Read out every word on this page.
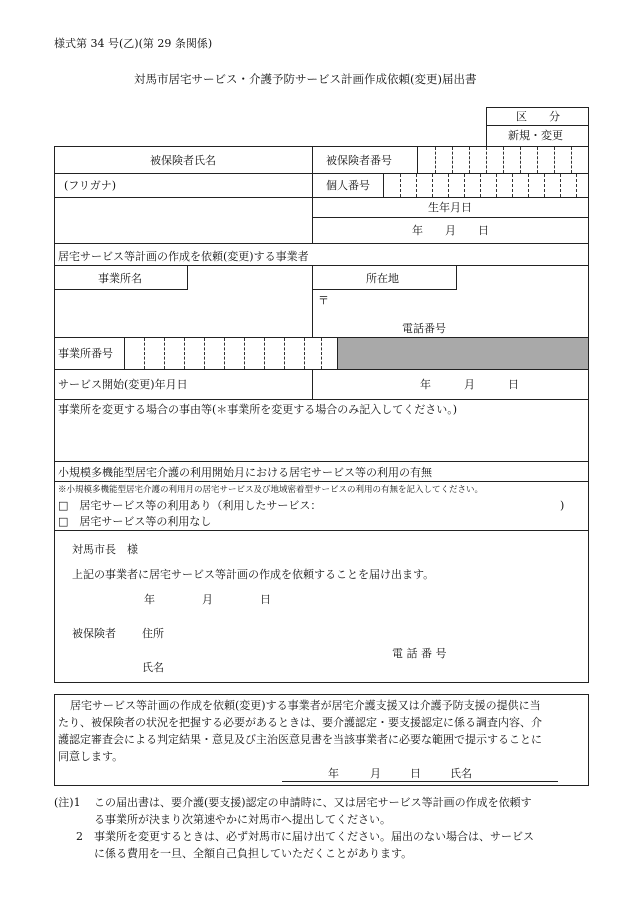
様式第 34 号(乙)(第 29 条関係)
対馬市居宅サービス・介護予防サービス計画作成依頼(変更)届出書
区　　分
新規・変更
被保険者氏名	被保険者番号
(フリガナ)	個人番号
生年月日
年　　月　　日
居宅サービス等計画の作成を依頼(変更)する事業者
事業所名	所在地
〒
電話番号
事業所番号
サービス開始(変更)年月日	年　　　月　　　日
事業所を変更する場合の事由等(＊事業所を変更する場合のみ記入してください。)
小規模多機能型居宅介護の利用開始月における居宅サービス等の利用の有無
※小規模多機能型居宅介護の利用月の居宅サービス及び地域密着型サービスの利用の有無を記入してください。
□　居宅サービス等の利用あり（利用したサービス：	)
□　居宅サービス等の利用なし
対馬市長　様
上記の事業者に居宅サービス等計画の作成を依頼することを届け出ます。
年	月	日
被保険者 住所
電 話 番 号
氏名
居宅サービス等計画の作成を依頼(変更)する事業者が居宅介護支援又は介護予防支援の提供に当
たり、被保険者の状況を把握する必要があるときは、要介護認定・要支援認定に係る調査内容、介
護認定審査会による判定結果・意見及び主治医意見書を当該事業者に必要な範囲で提示することに
同意します。
年	月	日	氏名
(注)1 この届出書は、要介護(要支援)認定の申請時に、又は居宅サービス等計画の作成を依頼す
る事業所が決まり次第速やかに対馬市へ提出してください。
2 事業所を変更するときは、必ず対馬市に届け出てください。届出のない場合は、サービス
に係る費用を一旦、全額自己負担していただくことがあります。
